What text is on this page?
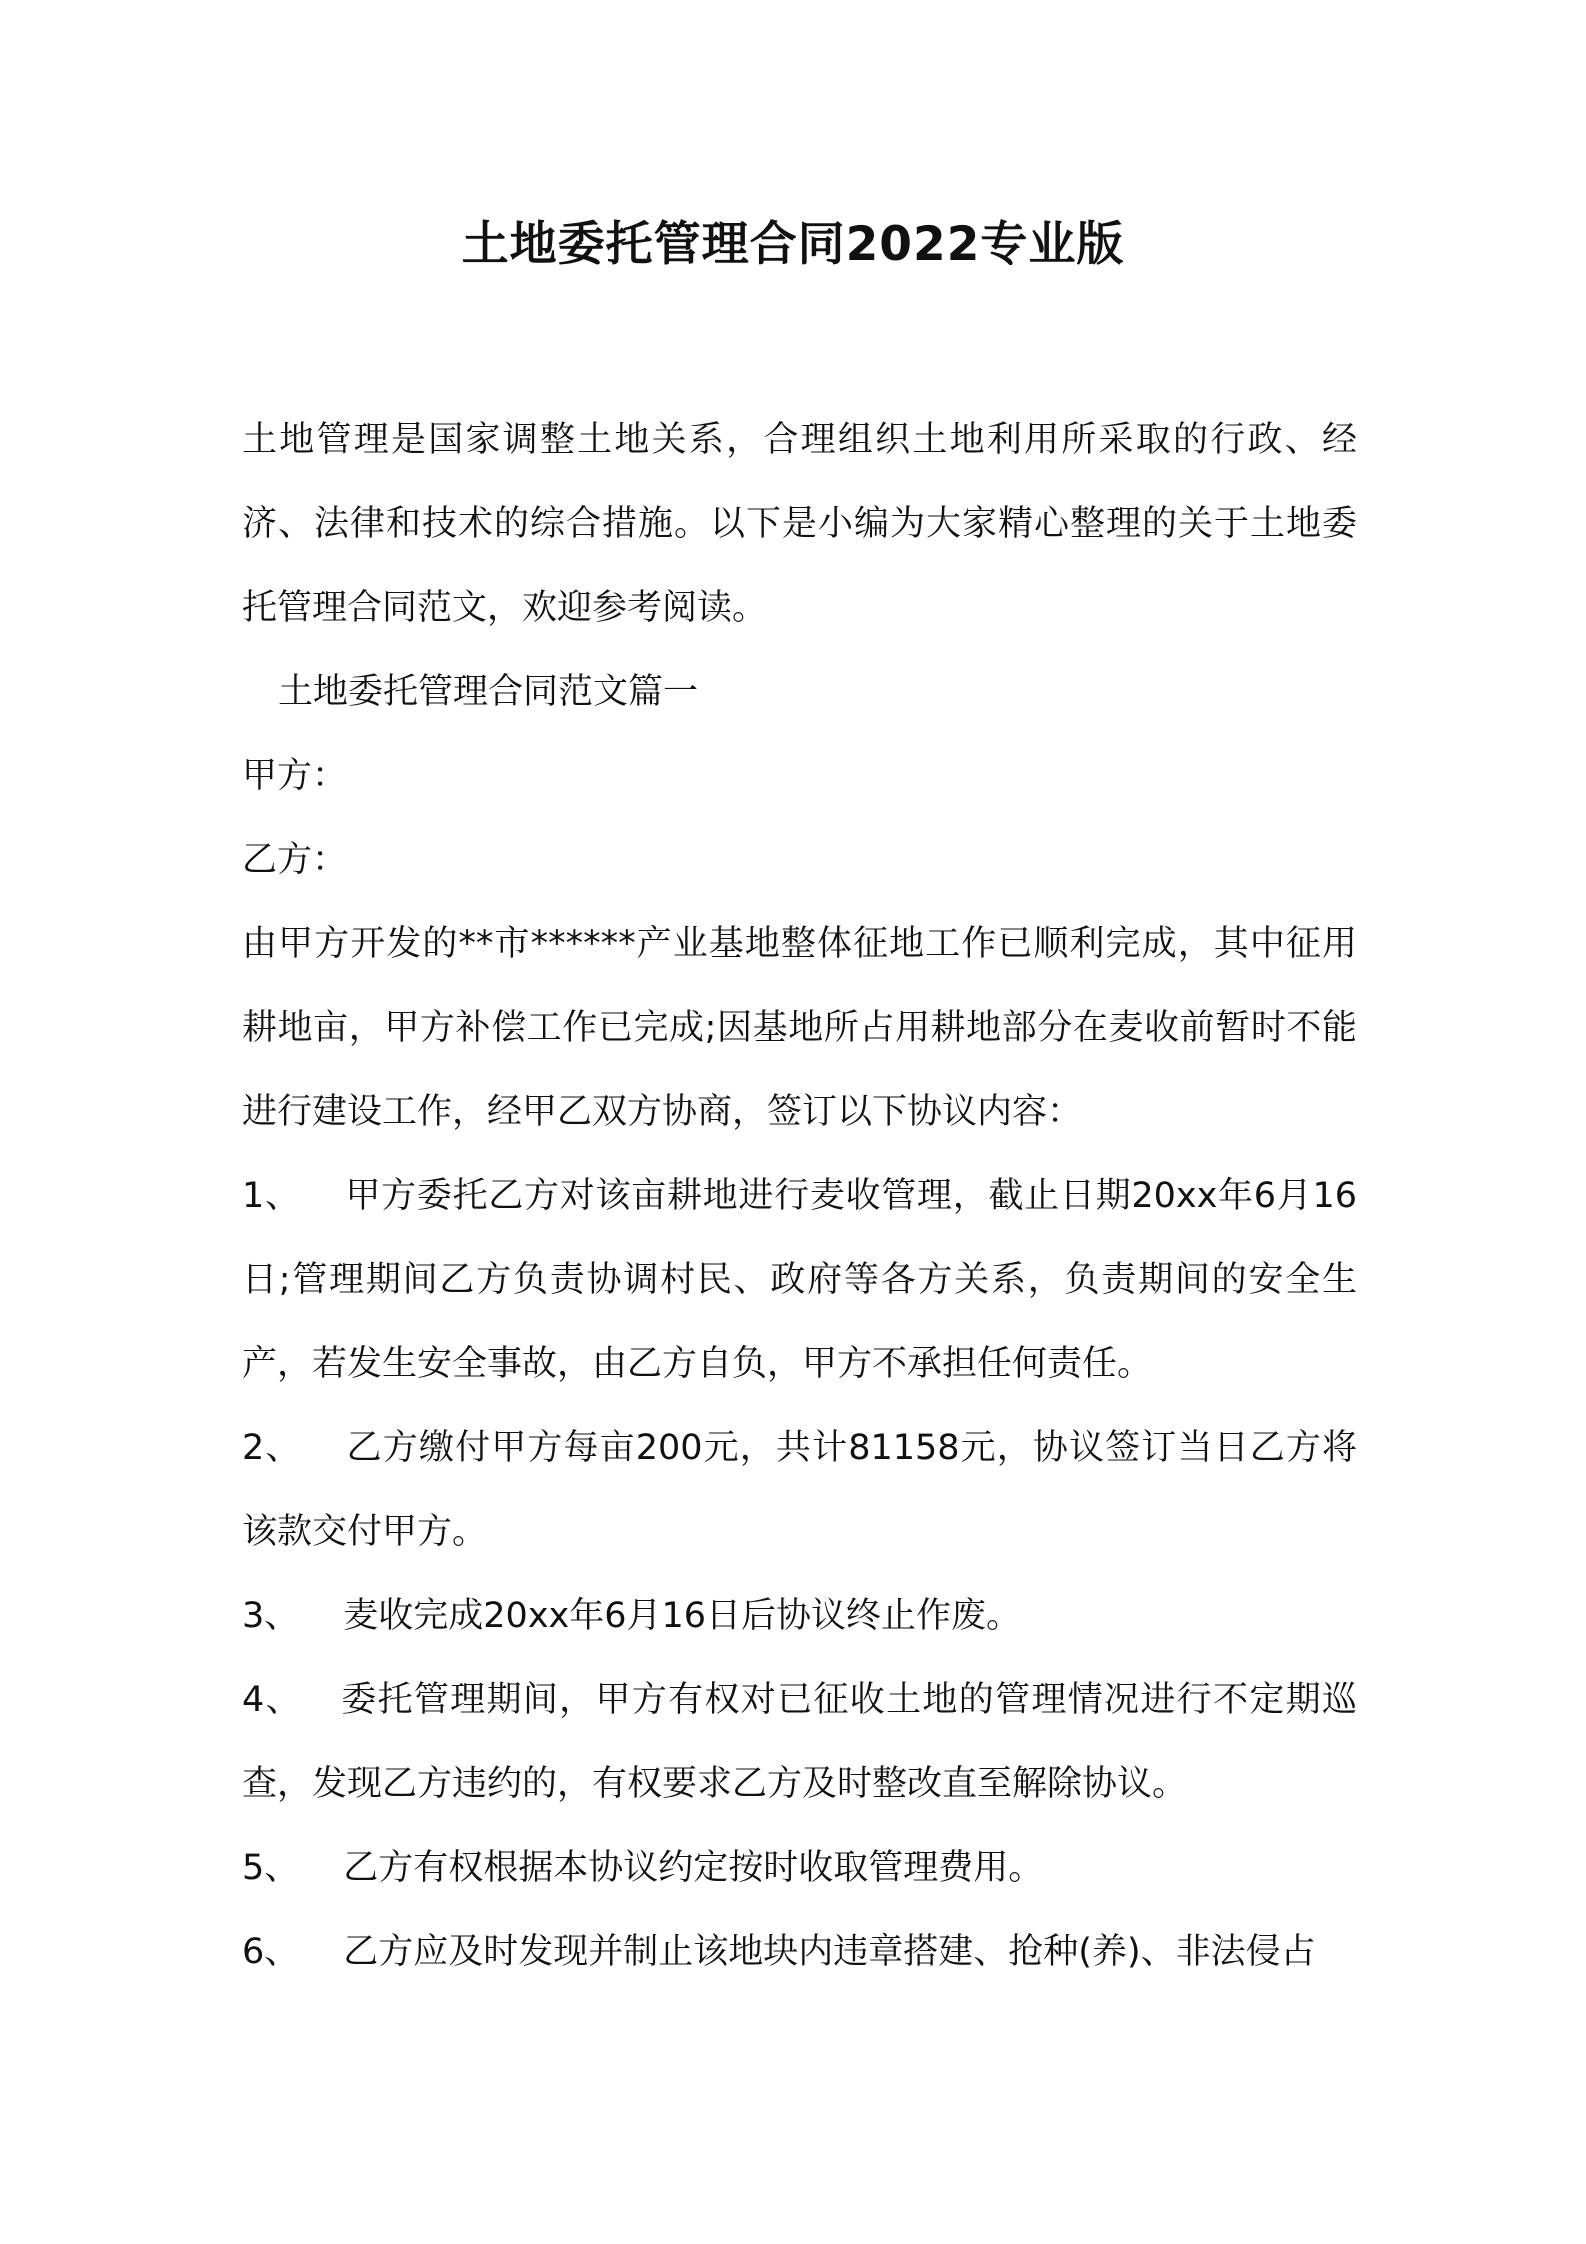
土地委托管理合同2022专业版

土地管理是国家调整土地关系，合理组织土地利用所采取的行政、经济、法律和技术的综合措施。以下是小编为大家精心整理的关于土地委托管理合同范文，欢迎参考阅读。

土地委托管理合同范文篇一

甲方：

乙方：

由甲方开发的**市******产业基地整体征地工作已顺利完成，其中征用耕地亩，甲方补偿工作已完成;因基地所占用耕地部分在麦收前暂时不能进行建设工作，经甲乙双方协商，签订以下协议内容：

1、 甲方委托乙方对该亩耕地进行麦收管理，截止日期20xx年6月16日;管理期间乙方负责协调村民、政府等各方关系，负责期间的安全生产，若发生安全事故，由乙方自负，甲方不承担任何责任。

2、 乙方缴付甲方每亩200元，共计81158元，协议签订当日乙方将该款交付甲方。

3、 麦收完成20xx年6月16日后协议终止作废。

4、 委托管理期间，甲方有权对已征收土地的管理情况进行不定期巡查，发现乙方违约的，有权要求乙方及时整改直至解除协议。

5、 乙方有权根据本协议约定按时收取管理费用。

6、 乙方应及时发现并制止该地块内违章搭建、抢种(养)、非法侵占
